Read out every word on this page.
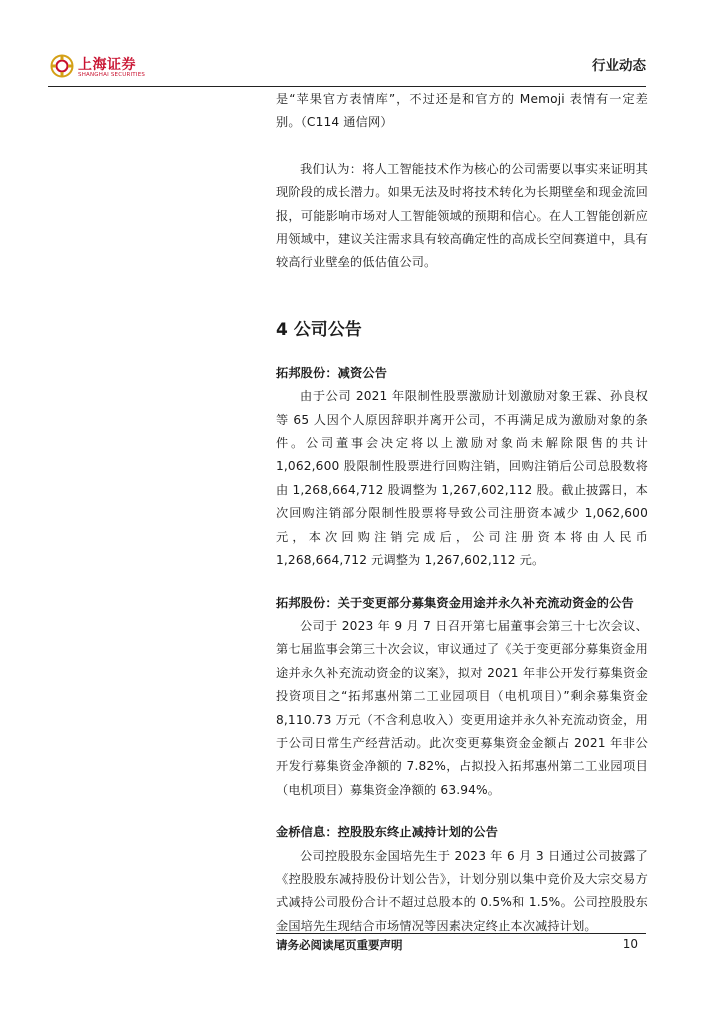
上海证券
SHANGHAI SECURITIES
行业动态

是“苹果官方表情库”，不过还是和官方的 Memoji 表情有一定差别。（C114 通信网）

我们认为：将人工智能技术作为核心的公司需要以事实来证明其现阶段的成长潜力。如果无法及时将技术转化为长期壁垒和现金流回报，可能影响市场对人工智能领域的预期和信心。在人工智能创新应用领域中，建议关注需求具有较高确定性的高成长空间赛道中，具有较高行业壁垒的低估值公司。

4 公司公告

拓邦股份：减资公告

由于公司 2021 年限制性股票激励计划激励对象王霖、孙良权等 65 人因个人原因辞职并离开公司，不再满足成为激励对象的条件。公司董事会决定将以上激励对象尚未解除限售的共计 1,062,600 股限制性股票进行回购注销，回购注销后公司总股数将由 1,268,664,712 股调整为 1,267,602,112 股。截止披露日，本次回购注销部分限制性股票将导致公司注册资本减少 1,062,600 元，本次回购注销完成后，公司注册资本将由人民币 1,268,664,712 元调整为 1,267,602,112 元。

拓邦股份：关于变更部分募集资金用途并永久补充流动资金的公告

公司于 2023 年 9 月 7 日召开第七届董事会第三十七次会议、第七届监事会第三十次会议，审议通过了《关于变更部分募集资金用途并永久补充流动资金的议案》，拟对 2021 年非公开发行募集资金投资项目之“拓邦惠州第二工业园项目（电机项目）”剩余募集资金 8,110.73 万元（不含利息收入）变更用途并永久补充流动资金，用于公司日常生产经营活动。此次变更募集资金金额占 2021 年非公开发行募集资金净额的 7.82%，占拟投入拓邦惠州第二工业园项目（电机项目）募集资金净额的 63.94%。

金桥信息：控股股东终止减持计划的公告

公司控股股东金国培先生于 2023 年 6 月 3 日通过公司披露了《控股股东减持股份计划公告》，计划分别以集中竞价及大宗交易方式减持公司股份合计不超过总股本的 0.5%和 1.5%。公司控股股东金国培先生现结合市场情况等因素决定终止本次减持计划。

请务必阅读尾页重要声明	10
